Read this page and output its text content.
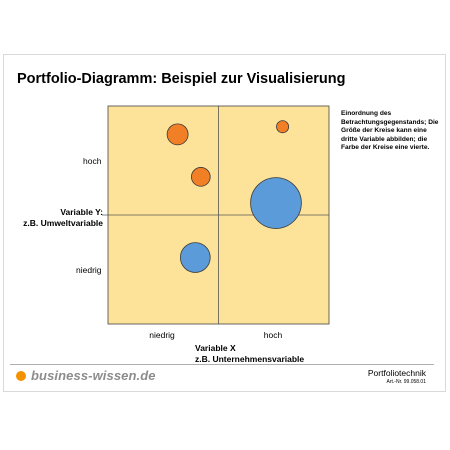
Portfolio-Diagramm: Beispiel zur Visualisierung
Einordnung des Betrachtungsgegenstands; Die Größe der Kreise kann eine dritte Variable abbilden; die Farbe der Kreise eine vierte.
hoch
niedrig
Variable Y:
z.B. Umweltvariable
niedrig	hoch
Variable X
z.B. Unternehmensvariable
business-wissen.de	Portfoliotechnik
Art.-Nr. 99.058.01
